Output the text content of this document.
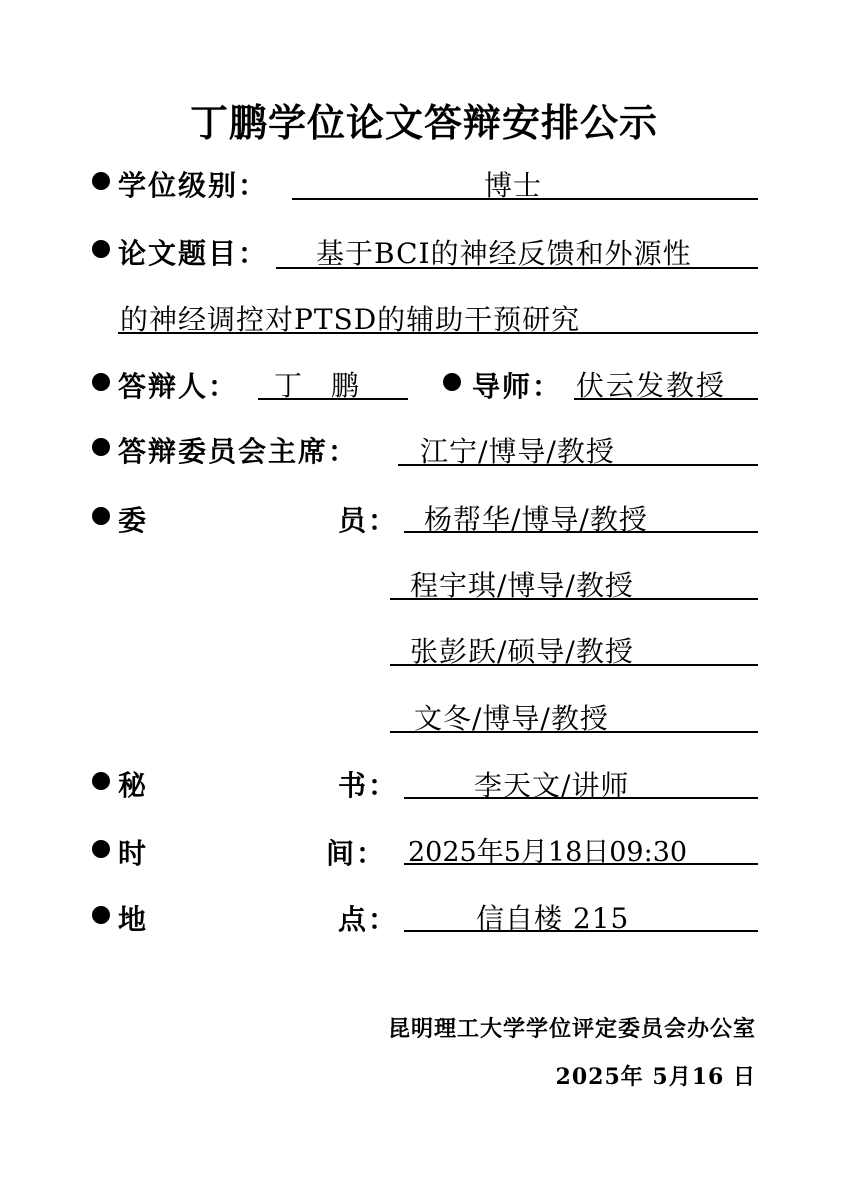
丁鹏学位论文答辩安排公示
学位级别：	博士
论文题目： 基于BCI的神经反馈和外源性
的神经调控对PTSD的辅助干预研究
答辩人： 丁 鹏	导师： 伏云发教授
答辩委员会主席： 江宁/博导/教授
委	员： 杨帮华/博导/教授
程宇琪/博导/教授
张彭跃/硕导/教授
文冬/博导/教授
秘	书：	李天文/讲师
时	间： 2025年5月18日09:30
地	点：	信自楼 215
昆明理工大学学位评定委员会办公室
2025年 5月16 日
